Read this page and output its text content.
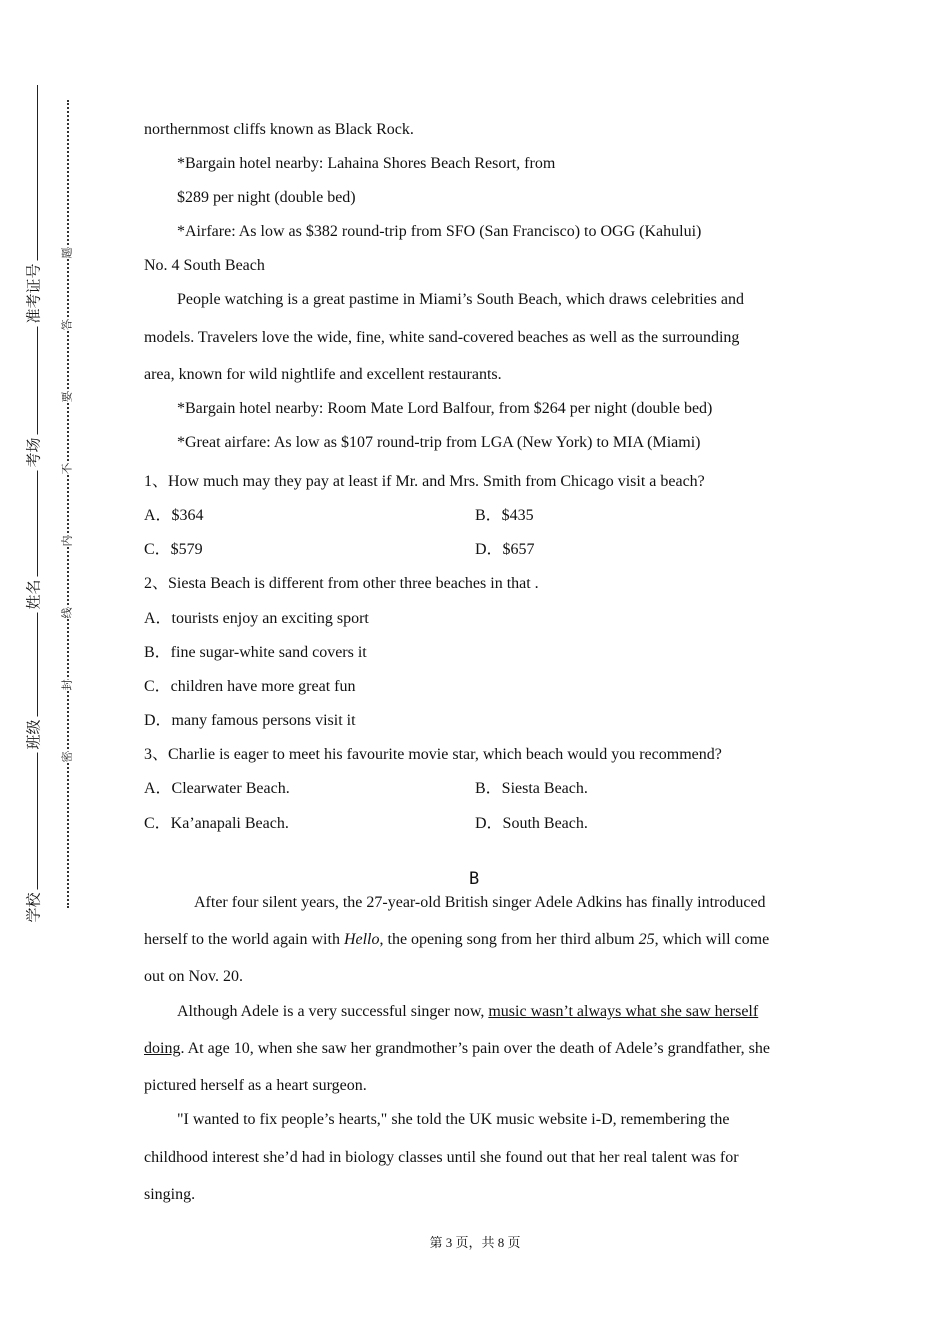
准考证号
考场
姓名
班级
学校
题
答
要
不
内
线
封
密
northernmost cliffs known as Black Rock.
*Bargain hotel nearby: Lahaina Shores Beach Resort, from
$289 per night (double bed)
*Airfare: As low as $382 round-trip from SFO (San Francisco) to OGG (Kahului)
No. 4 South Beach
People watching is a great pastime in Miami’s South Beach, which draws celebrities and
models. Travelers love the wide, fine, white sand-covered beaches as well as the surrounding
area, known for wild nightlife and excellent restaurants.
*Bargain hotel nearby: Room Mate Lord Balfour, from $264 per night (double bed)
*Great airfare: As low as $107 round-trip from LGA (New York) to MIA (Miami)
1、How much may they pay at least if Mr. and Mrs. Smith from Chicago visit a beach?
A．$364	B．$435
C．$579	D．$657
2、Siesta Beach is different from other three beaches in that .
A．tourists enjoy an exciting sport
B．fine sugar-white sand covers it
C．children have more great fun
D．many famous persons visit it
3、Charlie is eager to meet his favourite movie star, which beach would you recommend?
A．Clearwater Beach.	B．Siesta Beach.
C．Ka’anapali Beach.	D．South Beach.
B
After four silent years, the 27-year-old British singer Adele Adkins has finally introduced
herself to the world again with Hello, the opening song from her third album 25, which will come
out on Nov. 20.
Although Adele is a very successful singer now, music wasn’t always what she saw herself
doing. At age 10, when she saw her grandmother’s pain over the death of Adele’s grandfather, she
pictured herself as a heart surgeon.
"I wanted to fix people’s hearts," she told the UK music website i-D, remembering the
childhood interest she’d had in biology classes until she found out that her real talent was for
singing.
第 3 页，共 8 页
